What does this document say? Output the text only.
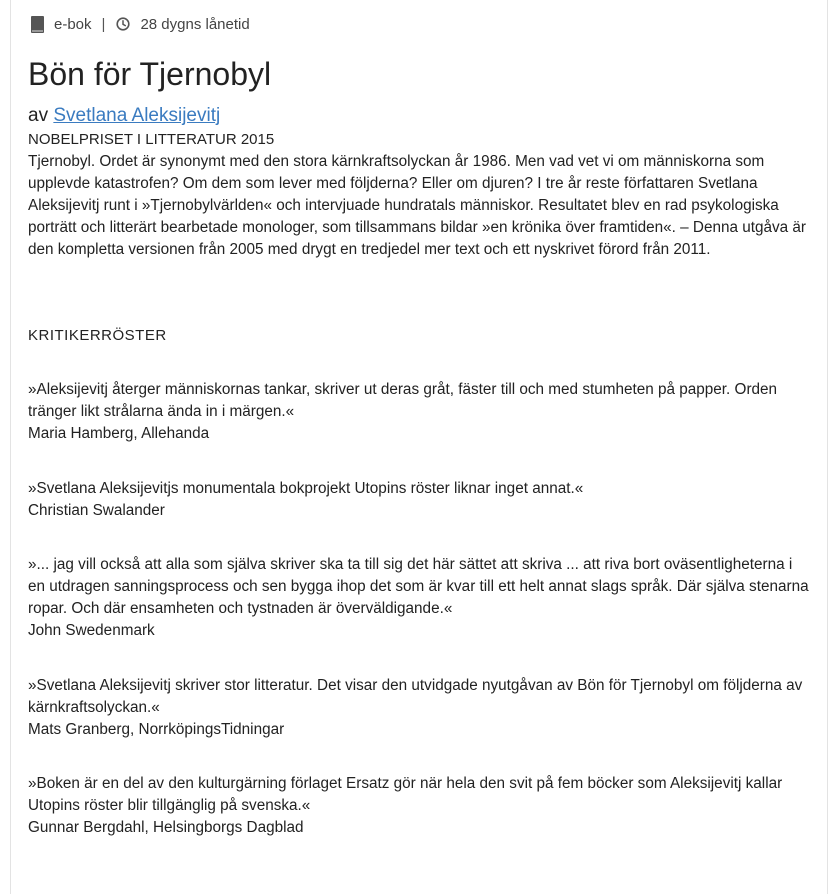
e-bok | 28 dygns lånetid
Bön för Tjernobyl
av Svetlana Aleksijevitj
NOBELPRISET I LITTERATUR 2015

Tjernobyl. Ordet är synonymt med den stora kärnkraftsolyckan år 1986. Men vad vet vi om människorna som upplevde katastrofen? Om dem som lever med följderna? Eller om djuren? I tre år reste författaren Svetlana Aleksijevitj runt i »Tjernobylvärlden« och intervjuade hundratals människor. Resultatet blev en rad psykologiska porträtt och litterärt bearbetade monologer, som tillsammans bildar »en krönika över framtiden«. – Denna utgåva är den kompletta versionen från 2005 med drygt en tredjedel mer text och ett nyskrivet förord från 2011.

KRITIKERRÖSTER

»Aleksijevitj återger människornas tankar, skriver ut deras gråt, fäster till och med stumheten på papper. Orden tränger likt strålarna ända in i märgen.«

Maria Hamberg, Allehanda

»Svetlana Aleksijevitjs monumentala bokprojekt Utopins röster liknar inget annat.«

Christian Swalander

»... jag vill också att alla som själva skriver ska ta till sig det här sättet att skriva ... att riva bort oväsentligheterna i en utdragen sanningsprocess och sen bygga ihop det som är kvar till ett helt annat slags språk. Där själva stenarna ropar. Och där ensamheten och tystnaden är överväldigande.«

John Swedenmark

»Svetlana Aleksijevitj skriver stor litteratur. Det visar den utvidgade nyutgåvan av Bön för Tjernobyl om följderna av kärnkraftsolyckan.«

Mats Granberg, NorrköpingsTidningar

»Boken är en del av den kulturgärning förlaget Ersatz gör när hela den svit på fem böcker som Aleksijevitj kallar Utopins röster blir tillgänglig på svenska.«

Gunnar Bergdahl, Helsingborgs Dagblad
